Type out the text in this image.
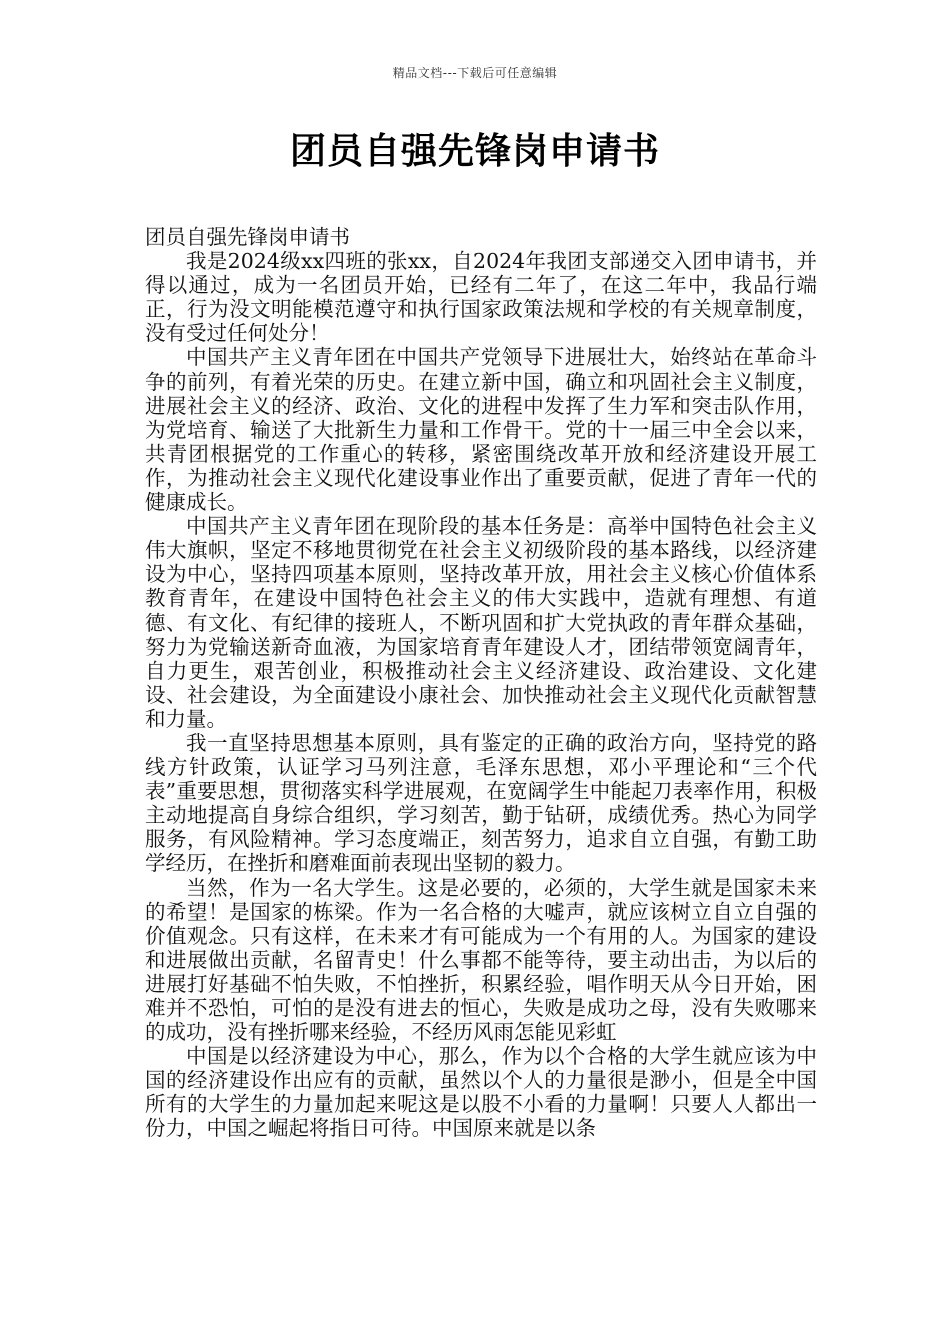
精品文档---下载后可任意编辑
团员自强先锋岗申请书

团员自强先锋岗申请书

我是2024级xx四班的张xx，自2024年我团支部递交入团申请书，并得以通过，成为一名团员开始，已经有二年了，在这二年中，我品行端正，行为没文明能模范遵守和执行国家政策法规和学校的有关规章制度，没有受过任何处分！

中国共产主义青年团在中国共产党领导下进展壮大，始终站在革命斗争的前列，有着光荣的历史。在建立新中国，确立和巩固社会主义制度，进展社会主义的经济、政治、文化的进程中发挥了生力军和突击队作用，为党培育、输送了大批新生力量和工作骨干。党的十一届三中全会以来，共青团根据党的工作重心的转移，紧密围绕改革开放和经济建设开展工作，为推动社会主义现代化建设事业作出了重要贡献，促进了青年一代的健康成长。

中国共产主义青年团在现阶段的基本任务是：高举中国特色社会主义伟大旗帜，坚定不移地贯彻党在社会主义初级阶段的基本路线，以经济建设为中心，坚持四项基本原则，坚持改革开放，用社会主义核心价值体系教育青年，在建设中国特色社会主义的伟大实践中，造就有理想、有道德、有文化、有纪律的接班人，不断巩固和扩大党执政的青年群众基础，努力为党输送新奇血液，为国家培育青年建设人才，团结带领宽阔青年，自力更生，艰苦创业，积极推动社会主义经济建设、政治建设、文化建设、社会建设，为全面建设小康社会、加快推动社会主义现代化贡献智慧和力量。

我一直坚持思想基本原则，具有鉴定的正确的政治方向，坚持党的路线方针政策，认证学习马列注意，毛泽东思想，邓小平理论和“三个代表”重要思想，贯彻落实科学进展观，在宽阔学生中能起刀表率作用，积极主动地提高自身综合组织，学习刻苦，勤于钻研，成绩优秀。热心为同学服务，有风险精神。学习态度端正，刻苦努力，追求自立自强，有勤工助学经历，在挫折和磨难面前表现出坚韧的毅力。

当然，作为一名大学生。这是必要的，必须的，大学生就是国家未来的希望！是国家的栋梁。作为一名合格的大嘘声，就应该树立自立自强的价值观念。只有这样，在未来才有可能成为一个有用的人。为国家的建设和进展做出贡献，名留青史！什么事都不能等待，要主动出击，为以后的进展打好基础不怕失败，不怕挫折，积累经验，唱作明天从今日开始，困难并不恐怕，可怕的是没有进去的恒心，失败是成功之母，没有失败哪来的成功，没有挫折哪来经验，不经历风雨怎能见彩虹

中国是以经济建设为中心，那么，作为以个合格的大学生就应该为中国的经济建设作出应有的贡献，虽然以个人的力量很是渺小，但是全中国所有的大学生的力量加起来呢这是以股不小看的力量啊！只要人人都出一份力，中国之崛起将指日可待。中国原来就是以条
